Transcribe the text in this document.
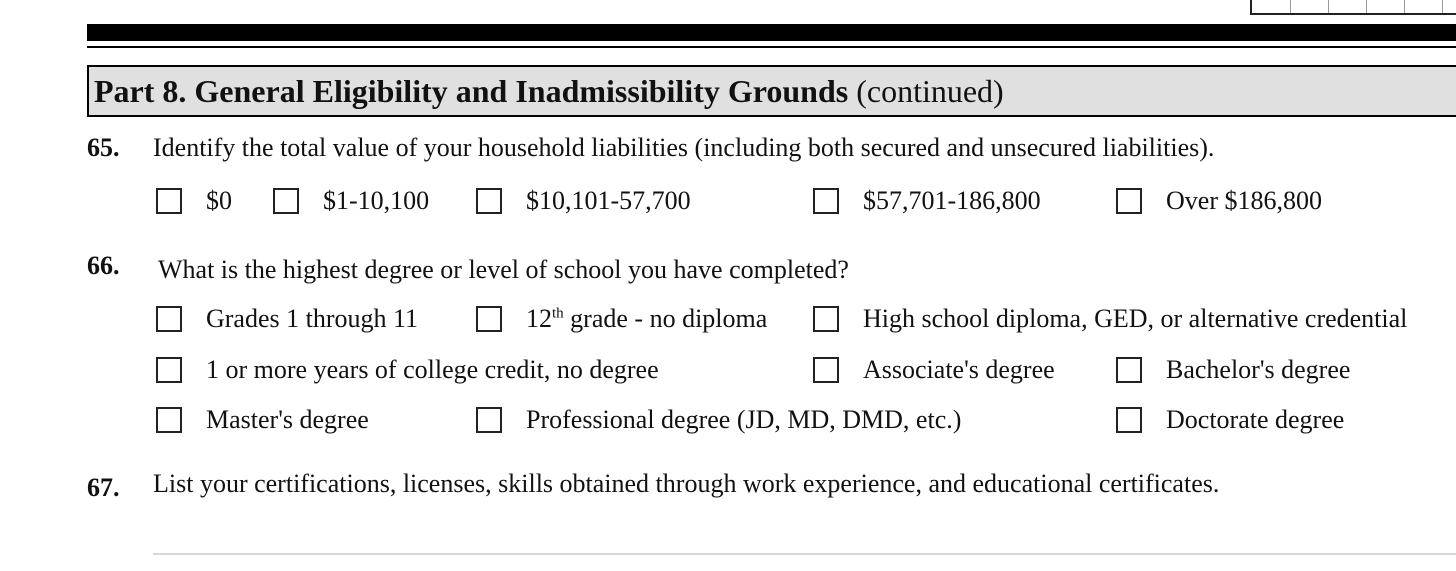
Part 8. General Eligibility and Inadmissibility Grounds (continued)
65. Identify the total value of your household liabilities (including both secured and unsecured liabilities).
$0	$1-10,100	$10,101-57,700	$57,701-186,800	Over $186,800
66. What is the highest degree or level of school you have completed?
Grades 1 through 11	12th grade - no diploma	High school diploma, GED, or alternative credential
1 or more years of college credit, no degree	Associate's degree	Bachelor's degree
Master's degree	Professional degree (JD, MD, DMD, etc.)	Doctorate degree
67. List your certifications, licenses, skills obtained through work experience, and educational certificates.
